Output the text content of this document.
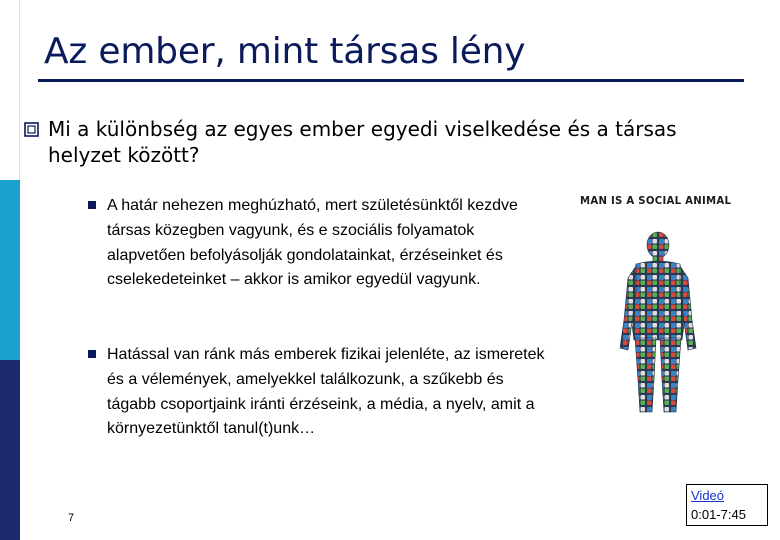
Az ember, mint társas lény
Mi a különbség az egyes ember egyedi viselkedése és a társas helyzet között?
A határ nehezen meghúzható, mert születésünktől kezdve társas közegben vagyunk, és e szociális folyamatok alapvetően befolyásolják gondolatainkat, érzéseinket és cselekedeteinket – akkor is amikor egyedül vagyunk.
Hatással van ránk más emberek fizikai jelenléte, az ismeretek és a vélemények, amelyekkel találkozunk, a szűkebb és tágabb csoportjaink iránti érzéseink, a média, a nyelv, amit a környezetünktől tanul(t)unk…

MAN IS A SOCIAL ANIMAL

7
Videó
0:01-7:45
